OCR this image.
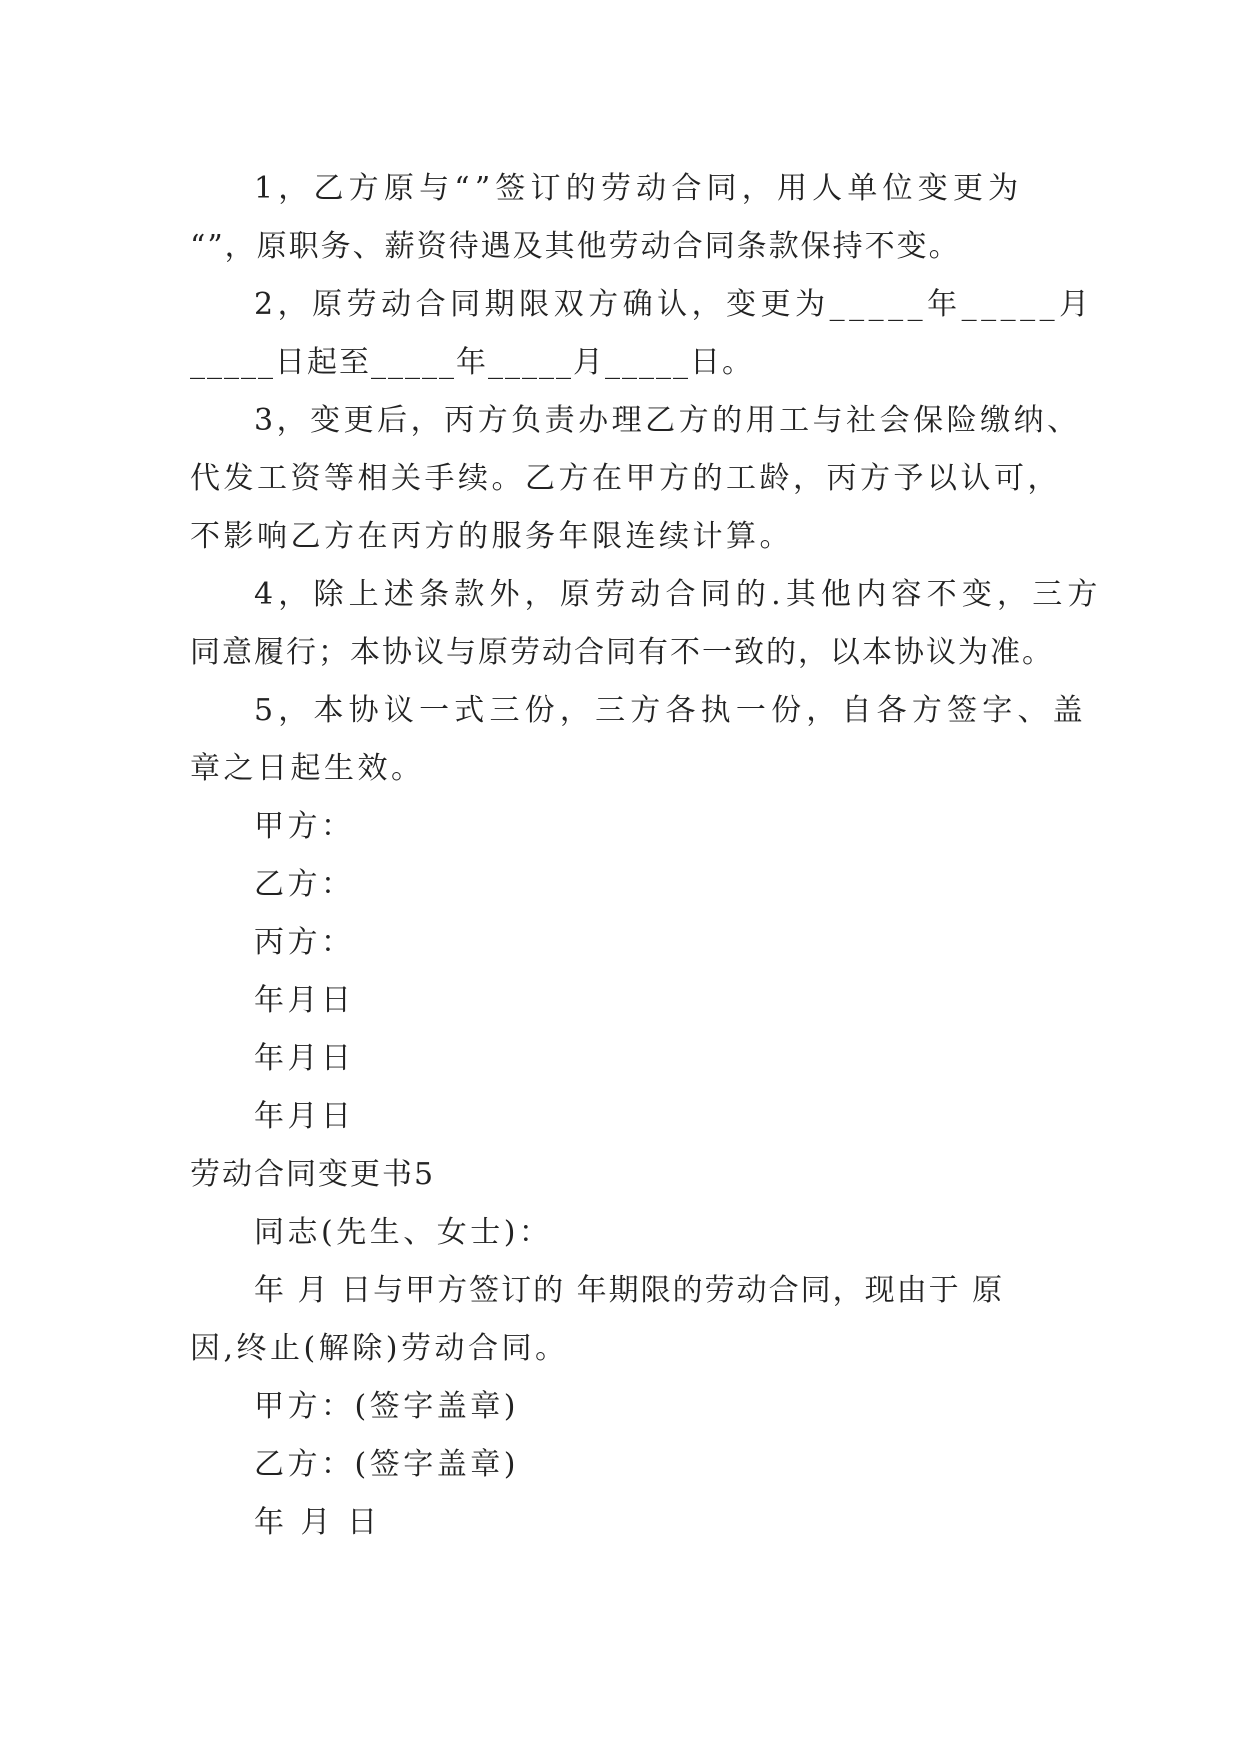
1，乙方原与“”签订的劳动合同，用人单位变更为
“”，原职务、薪资待遇及其他劳动合同条款保持不变。
2，原劳动合同期限双方确认，变更为_____年_____月
_____日起至_____年_____月_____日。
3，变更后，丙方负责办理乙方的用工与社会保险缴纳、
代发工资等相关手续。乙方在甲方的工龄，丙方予以认可，
不影响乙方在丙方的服务年限连续计算。
4，除上述条款外，原劳动合同的.其他内容不变，三方
同意履行；本协议与原劳动合同有不一致的，以本协议为准。
5，本协议一式三份，三方各执一份，自各方签字、盖
章之日起生效。
甲方：
乙方：
丙方：
年月日
年月日
年月日
劳动合同变更书5
同志(先生、女士)：
年 月 日与甲方签订的 年期限的劳动合同，现由于 原
因,终止(解除)劳动合同。
甲方：(签字盖章)
乙方：(签字盖章)
年 月 日
